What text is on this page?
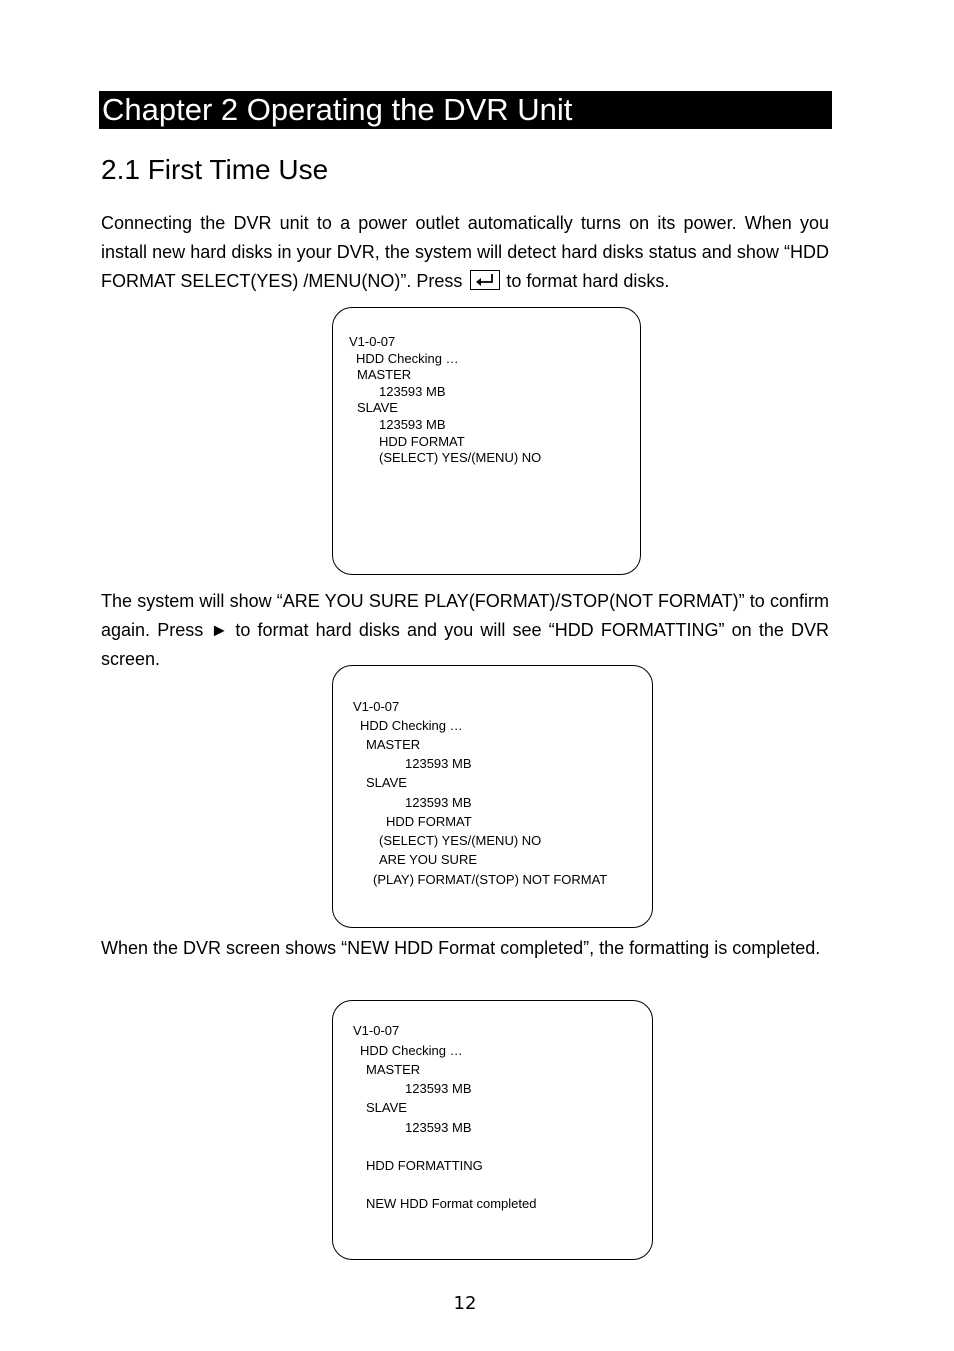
Chapter 2 Operating the DVR Unit
2.1 First Time Use

Connecting the DVR unit to a power outlet automatically turns on its power. When you install new hard disks in your DVR, the system will detect hard disks status and show “HDD FORMAT SELECT(YES) /MENU(NO)”. Press to format hard disks.

V1-0-07
HDD Checking …
MASTER
123593 MB
SLAVE
123593 MB
HDD FORMAT
(SELECT) YES/(MENU) NO

The system will show “ARE YOU SURE PLAY(FORMAT)/STOP(NOT FORMAT)” to confirm again. Press ► to format hard disks and you will see “HDD FORMATTING” on the DVR screen.

V1-0-07
HDD Checking …
MASTER
123593 MB
SLAVE
123593 MB
HDD FORMAT
(SELECT) YES/(MENU) NO
ARE YOU SURE
(PLAY) FORMAT/(STOP) NOT FORMAT

When the DVR screen shows “NEW HDD Format completed”, the formatting is completed.

V1-0-07
HDD Checking …
MASTER
123593 MB
SLAVE
123593 MB
HDD FORMATTING
NEW HDD Format completed
12
